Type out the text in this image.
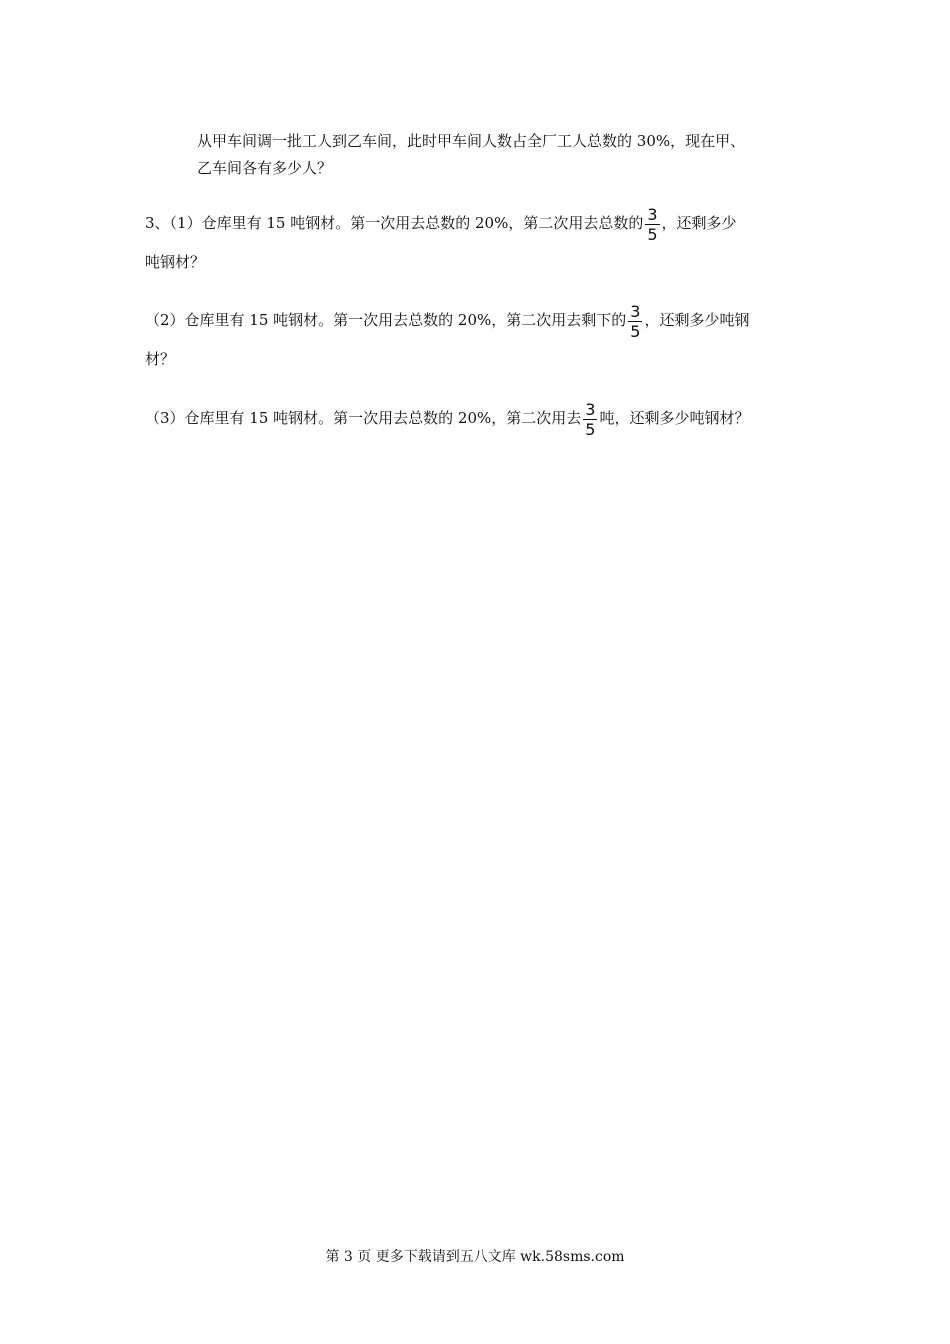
从甲车间调一批工人到乙车间，此时甲车间人数占全厂工人总数的 30%，现在甲、
乙车间各有多少人？
3、（1）仓库里有 15 吨钢材。第一次用去总数的 20%，第二次用去总数的 $\frac{3}{5}$ ，还剩多少
吨钢材？
（2）仓库里有 15 吨钢材。第一次用去总数的 20%，第二次用去剩下的 $\frac{3}{5}$ ，还剩多少吨钢
材？
（3）仓库里有 15 吨钢材。第一次用去总数的 20%，第二次用去 $\frac{3}{5}$ 吨，还剩多少吨钢材？
第 3 页 更多下载请到五八文库 wk.58sms.com
